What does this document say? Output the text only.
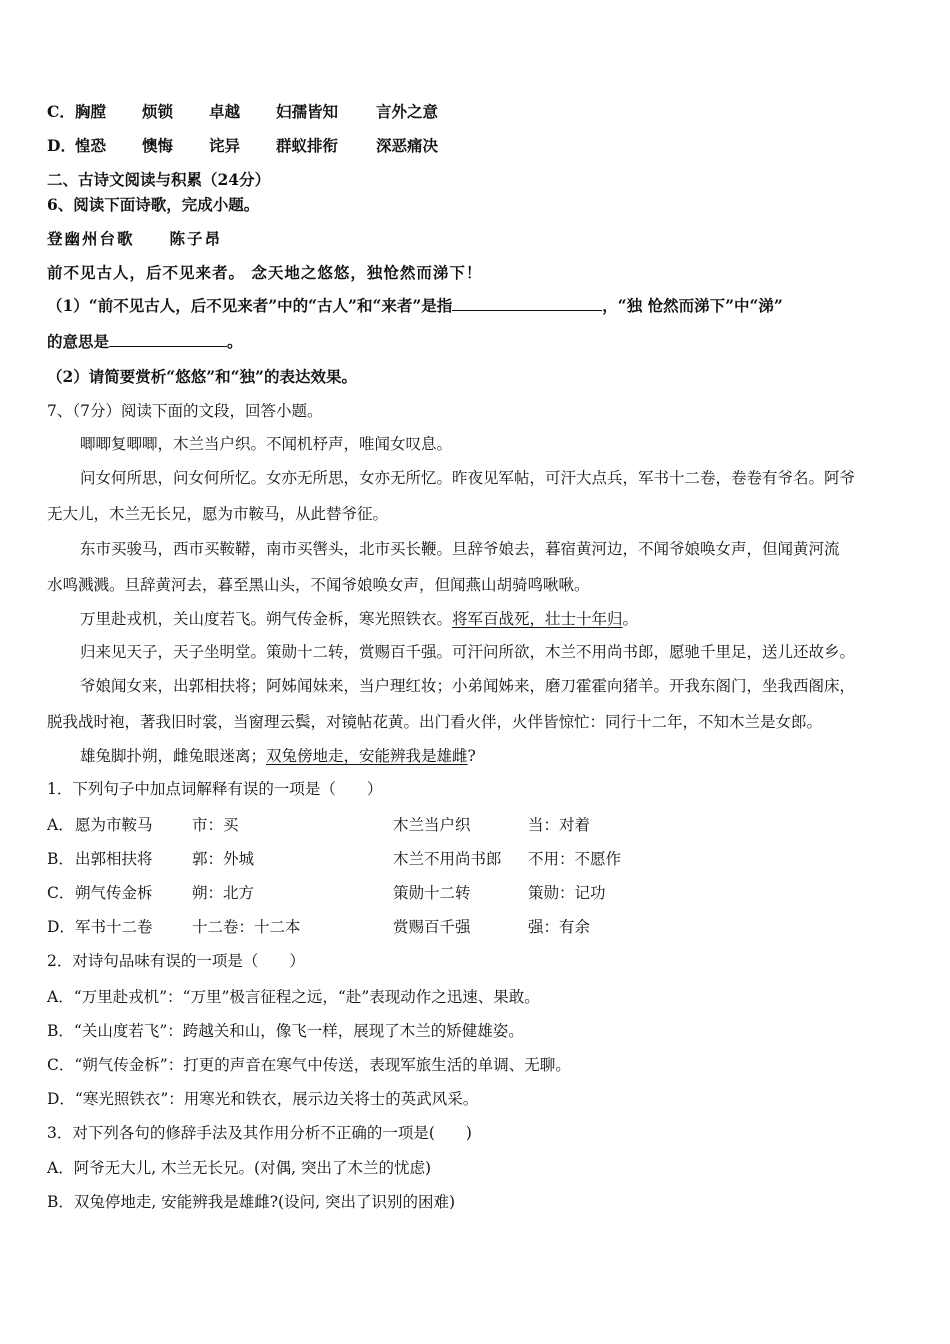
C． 胸膛 烦锁 卓越 妇孺皆知 言外之意
D． 惶恐 懊悔 诧异 群蚁排衔 深恶痛决
二、古诗文阅读与积累（24分）
6、阅读下面诗歌，完成小题。
登幽州台歌　　陈子昂
前不见古人，后不见来者。 念天地之悠悠，独怆然而涕下！
（1）“前不见古人，后不见来者”中的“古人”和“来者”是指	，“独 怆然而涕下”中“涕”
的意思是	。
（2）请简要赏析“悠悠”和“独”的表达效果。
7、（7分）阅读下面的文段，回答小题。
唧唧复唧唧，木兰当户织。不闻机杼声，唯闻女叹息。
问女何所思，问女何所忆。女亦无所思，女亦无所忆。昨夜见军帖，可汗大点兵，军书十二卷，卷卷有爷名。阿爷
无大儿，木兰无长兄，愿为市鞍马，从此替爷征。
东市买骏马，西市买鞍鞯，南市买辔头，北市买长鞭。旦辞爷娘去，暮宿黄河边，不闻爷娘唤女声，但闻黄河流
水鸣溅溅。旦辞黄河去，暮至黑山头，不闻爷娘唤女声，但闻燕山胡骑鸣啾啾。
万里赴戎机，关山度若飞。朔气传金柝，寒光照铁衣。将军百战死，壮士十年归。
归来见天子，天子坐明堂。策勋十二转，赏赐百千强。可汗问所欲，木兰不用尚书郎，愿驰千里足，送儿还故乡。
爷娘闻女来，出郭相扶将；阿姊闻妹来，当户理红妆；小弟闻姊来，磨刀霍霍向猪羊。开我东阁门，坐我西阁床，
脱我战时袍，著我旧时裳，当窗理云鬓，对镜帖花黄。出门看火伴，火伴皆惊忙：同行十二年，不知木兰是女郎。
雄兔脚扑朔，雌兔眼迷离；双兔傍地走，安能辨我是雄雌?
1．下列句子中加点词解释有误的一项是（　　）
A． 愿为市鞍马	市：买	木兰当户织	当：对着
B． 出郭相扶将	郭：外城	木兰不用尚书郎 不用：不愿作
C． 朔气传金柝	朔：北方	策勋十二转	策勋：记功
D． 军书十二卷	十二卷：十二本	赏赐百千强	强：有余
2．对诗句品味有误的一项是（　　）
A．“万里赴戎机”：“万里”极言征程之远，“赴”表现动作之迅速、果敢。
B．“关山度若飞”：跨越关和山，像飞一样，展现了木兰的矫健雄姿。
C．“朔气传金柝”：打更的声音在寒气中传送，表现军旅生活的单调、无聊。
D．“寒光照铁衣”：用寒光和铁衣，展示边关将士的英武风采。
3．对下列各句的修辞手法及其作用分析不正确的一项是(　　)
A．阿爷无大儿, 木兰无长兄。(对偶, 突出了木兰的忧虑)
B．双兔停地走, 安能辨我是雄雌?(设问, 突出了识别的困难)
